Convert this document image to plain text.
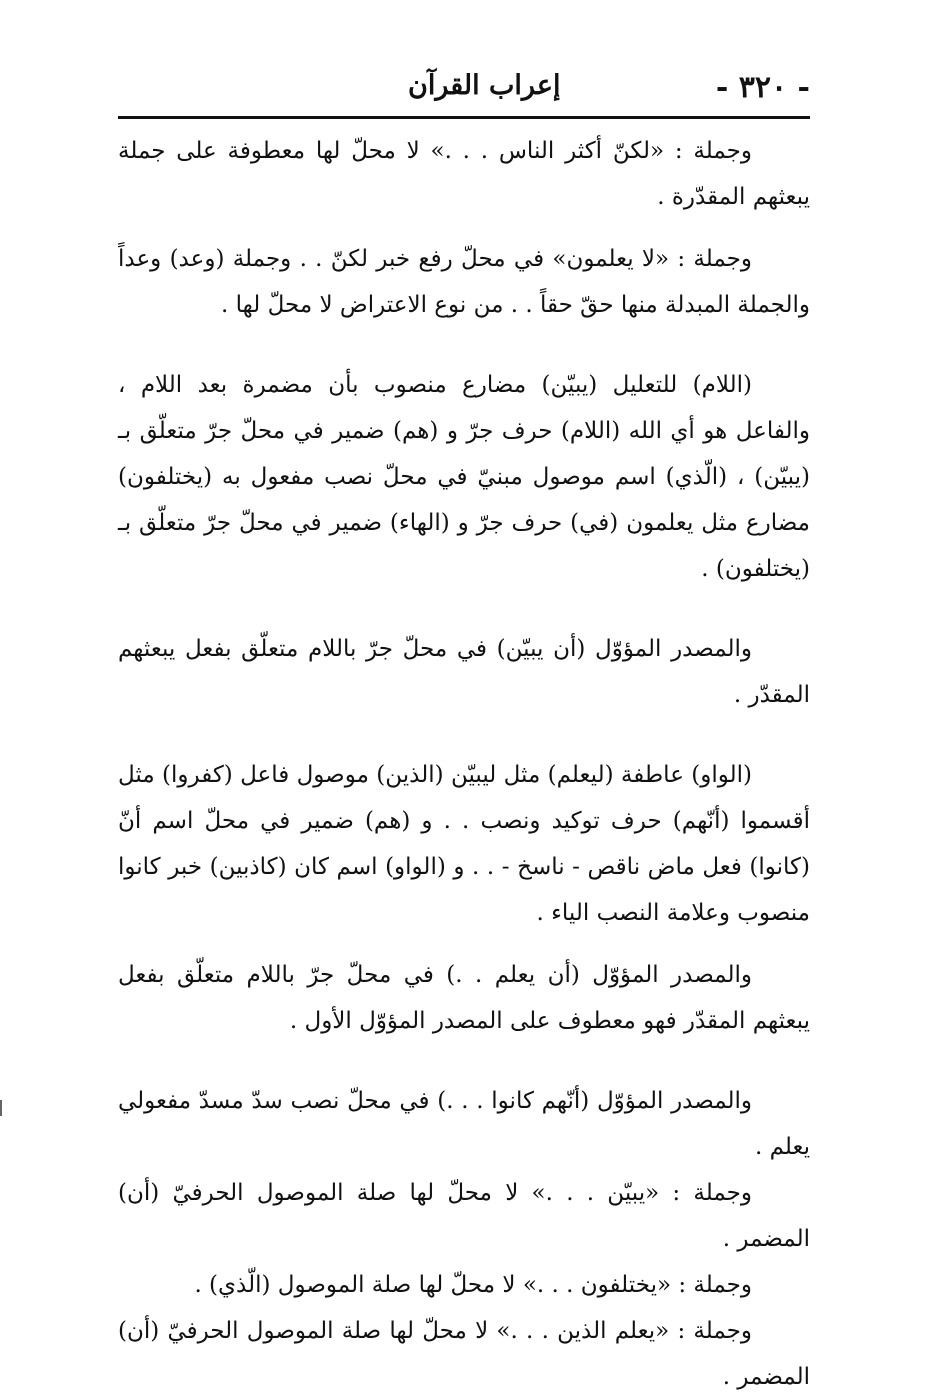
- ٣٢٠ -
إعراب القرآن

وجملة : «لكنّ أكثر الناس . . .» لا محلّ لها معطوفة على جملة يبعثهم المقدّرة .

وجملة : «لا يعلمون» في محلّ رفع خبر لكنّ . . وجملة (وعد) وعداً والجملة المبدلة منها حقّ حقاً . . من نوع الاعتراض لا محلّ لها .

(اللام) للتعليل (يبيّن) مضارع منصوب بأن مضمرة بعد اللام ، والفاعل هو أي الله (اللام) حرف جرّ و (هم) ضمير في محلّ جرّ متعلّق بـ (يبيّن) ، (الّذي) اسم موصول مبنيّ في محلّ نصب مفعول به (يختلفون) مضارع مثل يعلمون (في) حرف جرّ و (الهاء) ضمير في محلّ جرّ متعلّق بـ (يختلفون) .

والمصدر المؤوّل (أن يبيّن) في محلّ جرّ باللام متعلّق بفعل يبعثهم المقدّر .

(الواو) عاطفة (ليعلم) مثل ليبيّن (الذين) موصول فاعل (كفروا) مثل أقسموا (أنّهم) حرف توكيد ونصب . . و (هم) ضمير في محلّ اسم أنّ (كانوا) فعل ماض ناقص - ناسخ - . . و (الواو) اسم كان (كاذبين) خبر كانوا منصوب وعلامة النصب الياء .

والمصدر المؤوّل (أن يعلم . .) في محلّ جرّ باللام متعلّق بفعل يبعثهم المقدّر فهو معطوف على المصدر المؤوّل الأول .

والمصدر المؤوّل (أنّهم كانوا . . .) في محلّ نصب سدّ مسدّ مفعولي يعلم .

وجملة : «يبيّن . . .» لا محلّ لها صلة الموصول الحرفيّ (أن) المضمر .

وجملة : «يختلفون . . .» لا محلّ لها صلة الموصول (الّذي) .

وجملة : «يعلم الذين . . .» لا محلّ لها صلة الموصول الحرفيّ (أن) المضمر .
